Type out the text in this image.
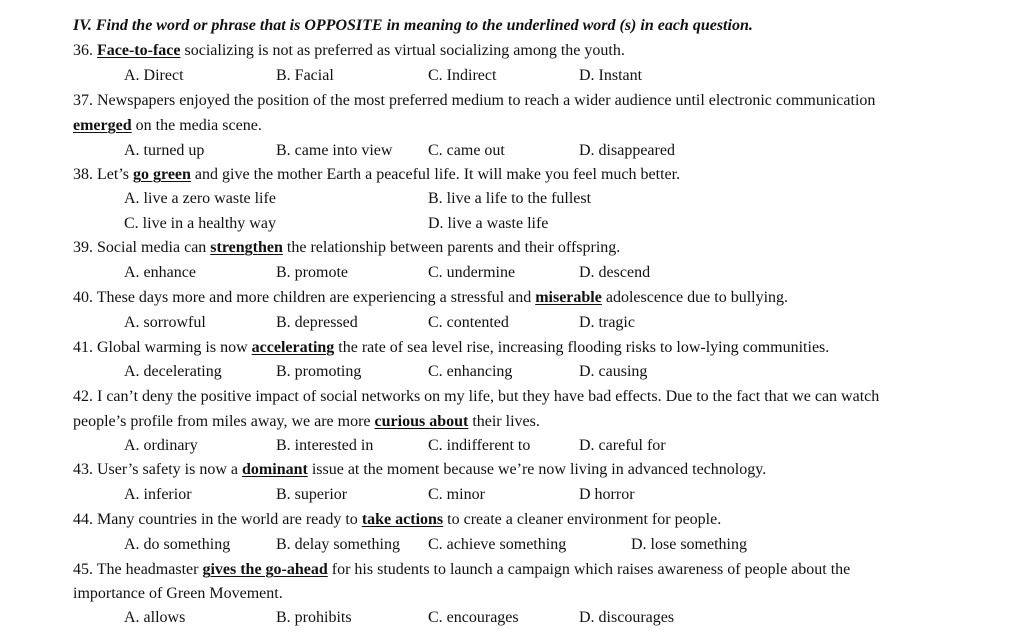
IV. Find the word or phrase that is OPPOSITE in meaning to the underlined word (s) in each question.
36. Face-to-face socializing is not as preferred as virtual socializing among the youth.
A. Direct	B. Facial	C. Indirect	D. Instant
37. Newspapers enjoyed the position of the most preferred medium to reach a wider audience until electronic communication
emerged on the media scene.
A. turned up	B. came into view C. came out	D. disappeared
38. Let’s go green and give the mother Earth a peaceful life. It will make you feel much better.
A. live a zero waste life	B. live a life to the fullest
C. live in a healthy way	D. live a waste life
39. Social media can strengthen the relationship between parents and their offspring.
A. enhance	B. promote	C. undermine	D. descend
40. These days more and more children are experiencing a stressful and miserable adolescence due to bullying.
A. sorrowful	B. depressed	C. contented	D. tragic
41. Global warming is now accelerating the rate of sea level rise, increasing flooding risks to low-lying communities.
A. decelerating	B. promoting	C. enhancing	D. causing
42. I can’t deny the positive impact of social networks on my life, but they have bad effects. Due to the fact that we can watch
people’s profile from miles away, we are more curious about their lives.
A. ordinary	B. interested in	C. indifferent to	D. careful for
43. User’s safety is now a dominant issue at the moment because we’re now living in advanced technology.
A. inferior	B. superior	C. minor	D horror
44. Many countries in the world are ready to take actions to create a cleaner environment for people.
A. do something	B. delay something C. achieve something	D. lose something
45. The headmaster gives the go-ahead for his students to launch a campaign which raises awareness of people about the
importance of Green Movement.
A. allows	B. prohibits	C. encourages	D. discourages
